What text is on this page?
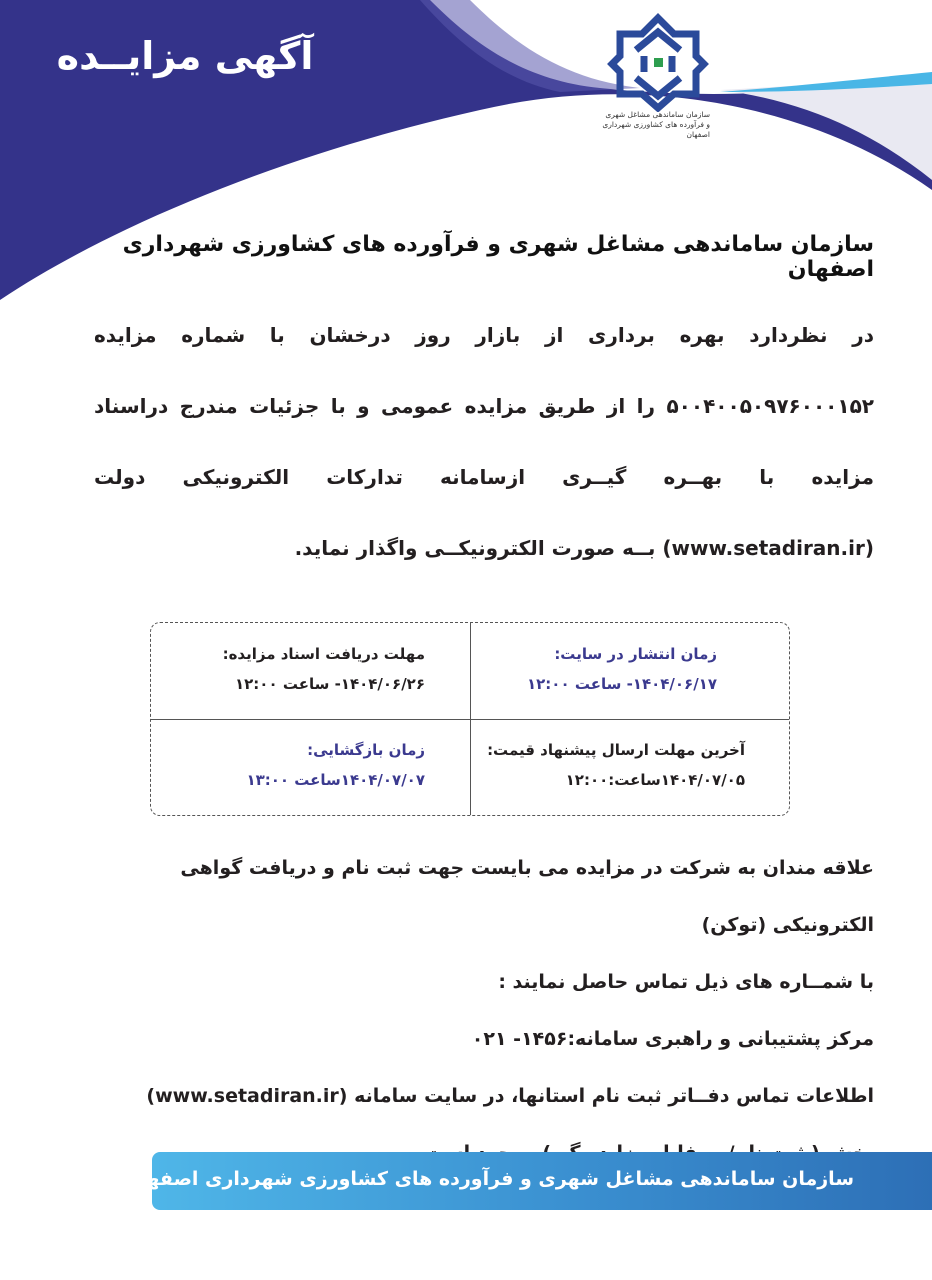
آگهی مزایــده
سازمان ساماندهی مشاغل شهری
و فرآورده های کشاورزی شهرداری اصفهان
سازمان ساماندهی مشاغل شهری و فرآورده های کشاورزی شهرداری اصفهان
در نظردارد بهره برداری از بازار روز درخشان با شماره مزایده ۵۰۰۴۰۰۵۰۹۷۶۰۰۰۱۵۲ را از طریق مزایده عمومی و با جزئیات مندرج دراسناد مزایده با بهــره گیــری ازسامانه تدارکات الکترونیکی دولت (www.setadiran.ir) بــه صورت الکترونیکــی واگذار نماید.
زمان انتشار در سایت:
۱۴۰۴/۰۶/۱۷- ساعت ۱۲:۰۰
مهلت دریافت اسناد مزایده:
۱۴۰۴/۰۶/۲۶- ساعت ۱۲:۰۰
آخرین مهلت ارسال پیشنهاد قیمت:
۱۴۰۴/۰۷/۰۵ساعت:۱۲:۰۰
زمان بازگشایی:
۱۴۰۴/۰۷/۰۷ساعت ۱۳:۰۰
علاقه مندان به شرکت در مزایده می بایست جهت ثبت نام و دریافت گواهی الکترونیکی (توکن)
با شمــاره های ذیل تماس حاصل نمایند :
مرکز پشتیبانی و راهبری سامانه:۱۴۵۶- ۰۲۱
اطلاعات تماس دفــاتر ثبت نام استانها، در سایت سامانه (www.setadiran.ir)
سازمان ساماندهی مشاغل شهری و فرآورده های کشاورزی شهرداری اصفهان
